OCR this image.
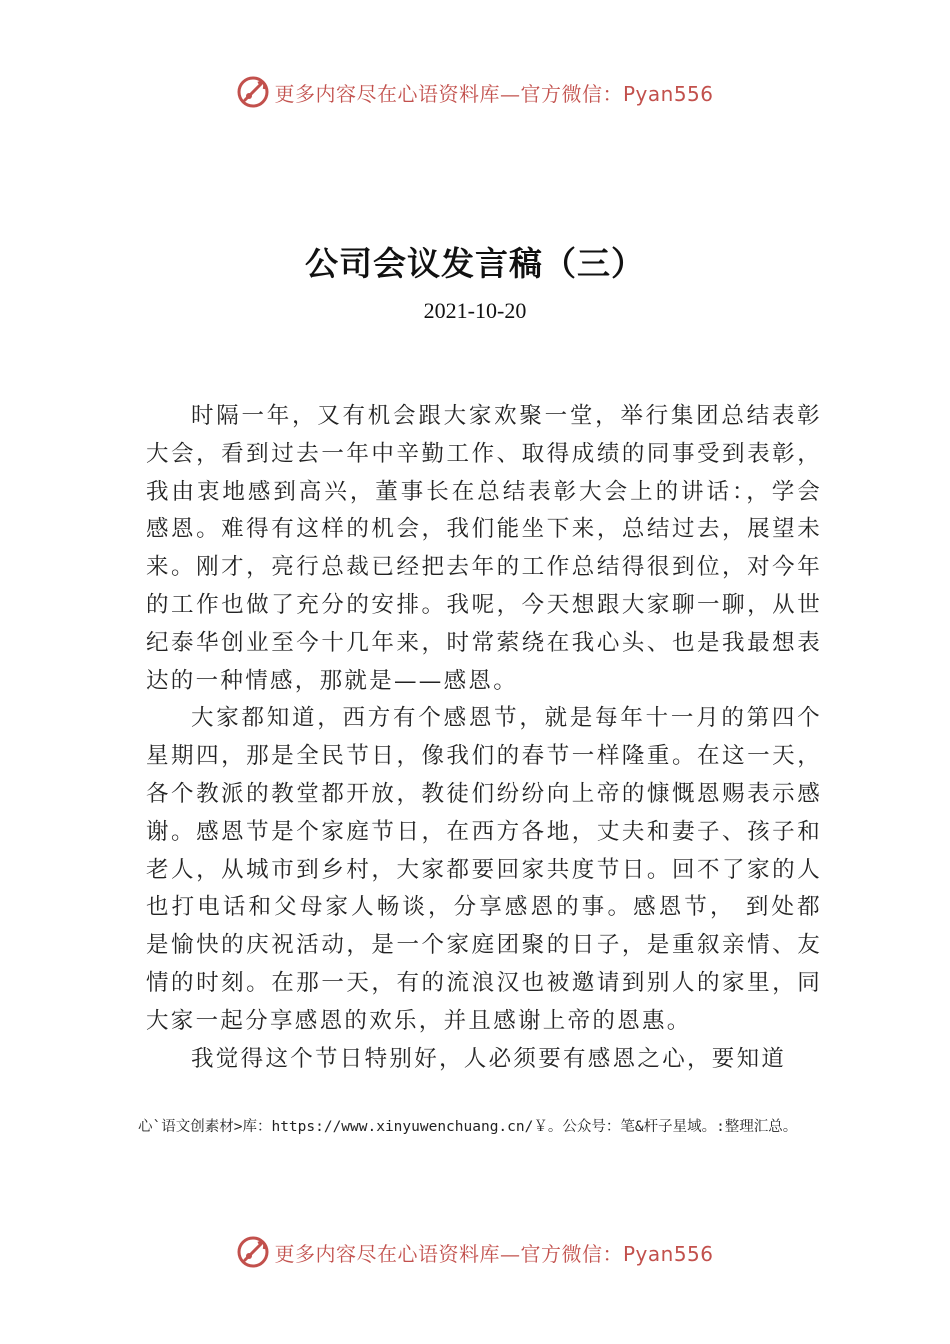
更多内容尽在心语资料库—官方微信：Pyan556
公司会议发言稿（三）
2021-10-20

时隔一年，又有机会跟大家欢聚一堂，举行集团总结表彰大会，看到过去一年中辛勤工作、取得成绩的同事受到表彰，我由衷地感到高兴，董事长在总结表彰大会上的讲话：，学会感恩。难得有这样的机会，我们能坐下来，总结过去，展望未来。刚才，亮行总裁已经把去年的工作总结得很到位，对今年的工作也做了充分的安排。我呢，今天想跟大家聊一聊，从世纪泰华创业至今十几年来，时常萦绕在我心头、也是我最想表达的一种情感，那就是——感恩。

大家都知道，西方有个感恩节，就是每年十一月的第四个星期四，那是全民节日，像我们的春节一样隆重。在这一天，各个教派的教堂都开放，教徒们纷纷向上帝的慷慨恩赐表示感谢。感恩节是个家庭节日，在西方各地，丈夫和妻子、孩子和老人，从城市到乡村，大家都要回家共度节日。回不了家的人也打电话和父母家人畅谈，分享感恩的事。感恩节， 到处都是愉快的庆祝活动，是一个家庭团聚的日子，是重叙亲情、友情的时刻。在那一天，有的流浪汉也被邀请到别人的家里，同大家一起分享感恩的欢乐，并且感谢上帝的恩惠。

我觉得这个节日特别好，人必须要有感恩之心，要知道

心`语文创素材>库：https://www.xinyuwenchuang.cn/￥。公众号：笔&杆子星域。:整理汇总。
更多内容尽在心语资料库—官方微信：Pyan556
